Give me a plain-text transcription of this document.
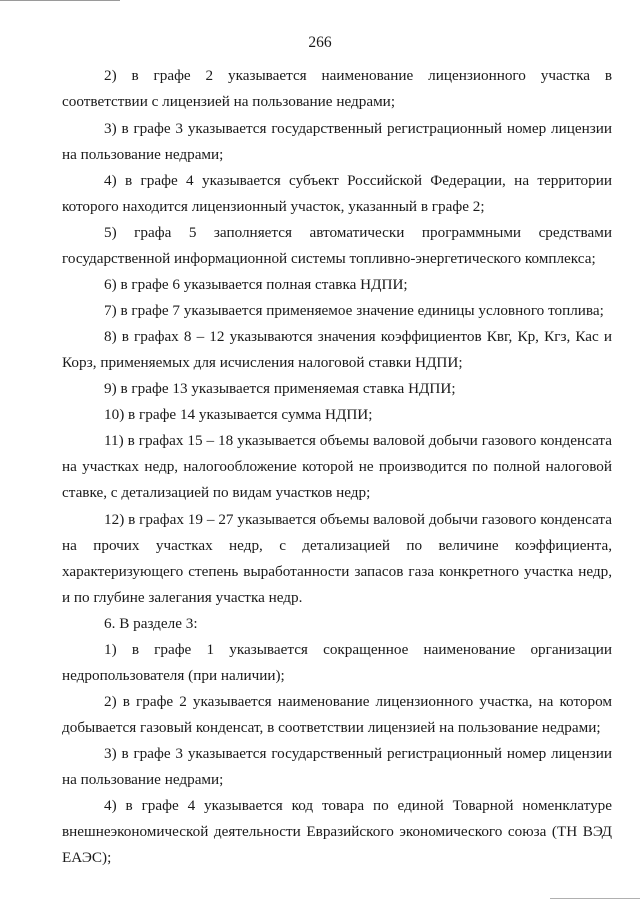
266

2) в графе 2 указывается наименование лицензионного участка в соответствии с лицензией на пользование недрами;

3) в графе 3 указывается государственный регистрационный номер лицензии на пользование недрами;

4) в графе 4 указывается субъект Российской Федерации, на территории которого находится лицензионный участок, указанный в графе 2;

5) графа 5 заполняется автоматически программными средствами государственной информационной системы топливно-энергетического комплекса;

6) в графе 6 указывается полная ставка НДПИ;

7) в графе 7 указывается применяемое значение единицы условного топлива;

8) в графах 8 – 12 указываются значения коэффициентов Квг, Кр, Кгз, Кас и Корз, применяемых для исчисления налоговой ставки НДПИ;

9) в графе 13 указывается применяемая ставка НДПИ;

10) в графе 14 указывается сумма НДПИ;

11) в графах 15 – 18 указывается объемы валовой добычи газового конденсата на участках недр, налогообложение которой не производится по полной налоговой ставке, с детализацией по видам участков недр;

12) в графах 19 – 27 указывается объемы валовой добычи газового конденсата на прочих участках недр, с детализацией по величине коэффициента, характеризующего степень выработанности запасов газа конкретного участка недр, и по глубине залегания участка недр.

6. В разделе 3:

1) в графе 1 указывается сокращенное наименование организации недропользователя (при наличии);

2) в графе 2 указывается наименование лицензионного участка, на котором добывается газовый конденсат, в соответствии лицензией на пользование недрами;

3) в графе 3 указывается государственный регистрационный номер лицензии на пользование недрами;

4) в графе 4 указывается код товара по единой Товарной номенклатуре внешнеэкономической деятельности Евразийского экономического союза (ТН ВЭД ЕАЭС);
